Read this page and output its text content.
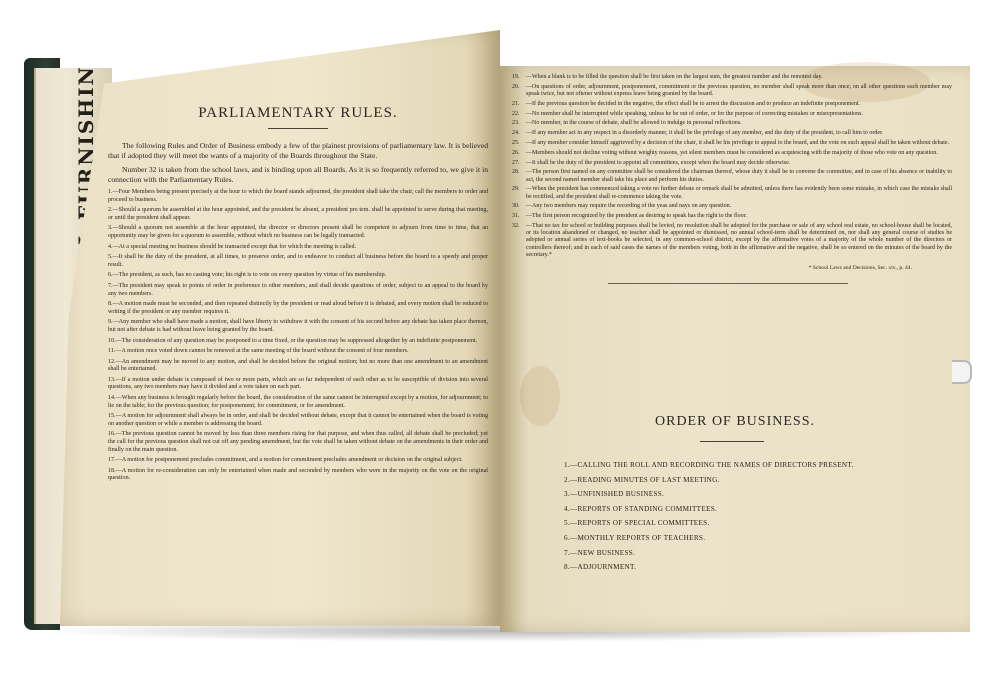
PARLIAMENTARY RULES.

The following Rules and Order of Business embody a few of the plainest provisions of parliamentary law. It is believed that if adopted they will meet the wants of a majority of the Boards throughout the State.

Number 32 is taken from the school laws, and is binding upon all Boards. As it is so frequently referred to, we give it in connection with the Parliamentary Rules.

1.—Four Members being present precisely at the hour to which the board stands adjourned, the president shall take the chair, call the members to order and proceed to business.
2.—Should a quorum be assembled at the hour appointed, and the president be absent, a president pro tem. shall be appointed to serve during that meeting, or until the president shall appear.
3.—Should a quorum not assemble at the hour appointed, the director or directors present shall be competent to adjourn from time to time, that an opportunity may be given for a quorum to assemble, without which no business can be legally transacted.
4.—At a special meeting no business should be transacted except that for which the meeting is called.
5.—It shall be the duty of the president, at all times, to preserve order, and to endeavor to conduct all business before the board to a speedy and proper result.
6.—The president, as such, has no casting vote; his right is to vote on every question by virtue of his membership.
7.—The president may speak to points of order in preference to other members, and shall decide questions of order, subject to an appeal to the board by any two members.
8.—A motion made must be seconded, and then repeated distinctly by the president or read aloud before it is debated, and every motion shall be reduced to writing if the president or any member requires it.
9.—Any member who shall have made a motion, shall have liberty to withdraw it with the consent of his second before any debate has taken place thereon, but not after debate is had without leave being granted by the board.
10.—The consideration of any question may be postponed to a time fixed, or the question may be suppressed altogether by an indefinite postponement.
11.—A motion once voted down cannot be renewed at the same meeting of the board without the consent of four members.
12.—An amendment may be moved to any motion, and shall be decided before the original motion; but no more than one amendment to an amendment shall be entertained.
13.—If a motion under debate is composed of two or more parts, which are so far independent of each other as to be susceptible of division into several questions, any two members may have it divided and a vote taken on each part.
14.—When any business is brought regularly before the board, the consideration of the same cannot be interrupted except by a motion, for adjournment; to lie on the table; for the previous question; for postponement; for commitment, or for amendment.
15.—A motion for adjournment shall always be in order, and shall be decided without debate, except that it cannot be entertained when the board is voting on another question or while a member is addressing the board.
16.—The previous question cannot be moved by less than three members rising for that purpose, and when thus called, all debate shall be precluded; yet the call for the previous question shall not cut off any pending amendment, but the vote shall be taken without debate on the amendments in their order and finally on the main question.
17.—A motion for postponement precludes commitment, and a motion for commitment precludes amendment or decision on the original subject.
18.—A motion for re-consideration can only be entertained when made and seconded by members who were in the majority on the vote on the original question.
19.	—When a blank is to be filled the question shall be first taken on the largest sum, the greatest number and the remotest day.
20.	—On questions of order, adjournment, postponement, commitment or the previous question, no member shall speak more than once; on all other questions each member may speak twice, but not oftener without express leave being granted by the board.
21.	—If the previous question be decided in the negative, the effect shall be to arrest the discussion and to produce an indefinite postponement.
22.	—No member shall be interrupted while speaking, unless he be out of order, or for the purpose of correcting mistakes or misrepresentations.
23.	—No member, in the course of debate, shall be allowed to indulge in personal reflections.
24.	—If any member act in any respect in a disorderly manner, it shall be the privilege of any member, and the duty of the president, to call him to order.
25.	—If any member consider himself aggrieved by a decision of the chair, it shall be his privilege to appeal to the board, and the vote on such appeal shall be taken without debate.
26.	—Members should not decline voting without weighty reasons, yet silent members must be considered as acquiescing with the majority of those who vote on any question.
27.	—It shall be the duty of the president to appoint all committees, except when the board may decide otherwise.
28.	—The person first named on any committee shall be considered the chairman thereof, whose duty it shall be to convene the committee, and in case of his absence or inability to act, the second named member shall take his place and perform his duties.
29.	—When the president has commenced taking a vote no further debate or remark shall be admitted, unless there has evidently been some mistake, in which case the mistake shall be rectified, and the president shall re-commence taking the vote.
30.	—Any two members may require the recording of the yeas and nays on any question.
31.	—The first person recognized by the president as desiring to speak has the right to the floor.
32.	—That no tax for school or building purposes shall be levied, no resolution shall be adopted for the purchase or sale of any school real estate, no school-house shall be located, or its location abandoned or changed, no teacher shall be appointed or dismissed, no annual school-term shall be determined on, nor shall any general course of studies be adopted or annual series of text-books be selected, in any common-school district, except by the affirmative votes of a majority of the whole number of the directors or controllers thereof; and in each of said cases the names of the members voting, both in the affirmative and the negative, shall be so entered on the minutes of the board by the secretary.*
* School Laws and Decisions, Sec. xiv., p. 44.
ORDER OF BUSINESS.
1.—CALLING THE ROLL AND RECORDING THE NAMES OF DIRECTORS PRESENT.
2.—READING MINUTES OF LAST MEETING.
3.—UNFINISHED BUSINESS.
4.—REPORTS OF STANDING COMMITTEES.
5.—REPORTS OF SPECIAL COMMITTEES.
6.—MONTHLY REPORTS OF TEACHERS.
7.—NEW BUSINESS.
8.—ADJOURNMENT.
